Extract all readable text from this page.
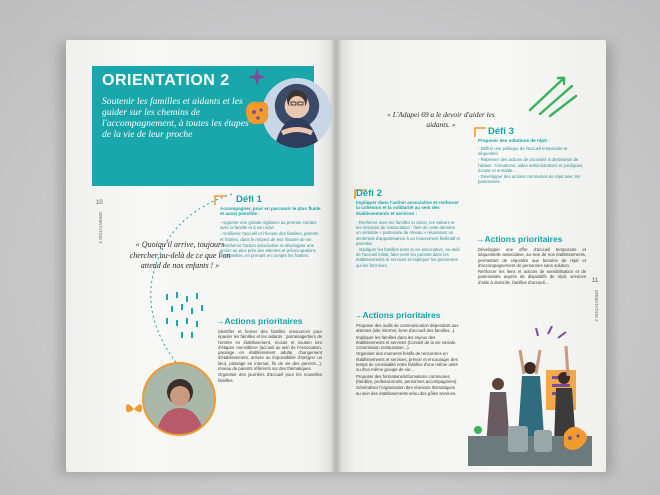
ORIENTATION 2
Soutenir les familles et aidants et les guider sur les chemins de l'accompagnement, à toutes les étapes de la vie de leur proche
10
ORIENTATION 2
« Quoiqu'il arrive, toujours chercher au-delà de ce que l'on attend de nos enfants ! »
Défi 1
Accompagner, pour en parcourir le plus fluide et aussi possible :
- Apporter une grande vigilance au premier contact avec la famille et à son suivi.
- Améliorer l'accueil et l'écoute des familles, parents et fratries, dans le respect de leur histoire de vie.
- Renforcer l'action associative et développer une action au plus près des attentes et préoccupations des familles, en prenant en compte les fratries.
→Actions prioritaires
Identifier et former des familles ressources pour épauler les familles et les aidants : parrainage/tiers de l'entrée en établissement, écoute et soutien lors d'étapes «sensibles» (accueil au sein de l'Association, passage en établissement adulte, changement d'établissement, arrivée ou impossibilité d'intégrer un lieu), passage en internat, fin de vie des parents...), réseau de parents référents sur des thématiques.
Organiser des journées d'accueil pour les nouvelles familles.
« L'Adapei 69 a le devoir d'aider les aidants. »
11
ORIENTATION 2
Défi 2
Impliquer dans l'action associative et renforcer la cohésion et la solidarité au sein des établissements et services :
- Renforcer avec les familles la vision, les valeurs et les missions de l'association : faire de cette dernière un véritable « partenaire de réseau » réunissant un sentiment d'appartenance à un mouvement fédératif et parental.
- Impliquer les familles dans la vie associative, au-delà de l'accueil initial, faire venir les parents dans les établissements et services et impliquer les personnes qui les font vivre.
→Actions prioritaires
Proposer des outils de communication dépendant aux attentes (site internet, livret d'accueil des familles...).
Impliquer les familles dans les enjeux des établissements et services (Conseil de la vie sociale, Commission restauration...).
Organiser des moments festifs de rencontres en établissements et services, prévoir et encourager des temps de convivialité entre familles d'une même unité ou d'un même groupe de vie...
Proposer des formations/informations communes (familles, professionnels, personnes accompagnées).
Généraliser l'organisation des réunions thématiques au sein des établissements et/ou des pôles services.
Défi 3
Proposer des solutions de répit :
- Définir une politique de l'accueil temporaire et séquentiel.
- Repenser des actions de proximité à destination de l'aidant : formations, aides administratives et juridiques, écoute et entraide...
- Développer des actions communes de répit avec les partenaires.
→Actions prioritaires
Développer une offre d'accueil temporaire et séquentielle associative, au sein de nos établissements, permettant de répondre aux besoins de répit et d'accompagnement de personnes sans solution.
Renforcer les liens et actions de sensibilisation et de partenariats auprès de dispositifs de répit, services d'aide à domicile, familles d'accueil...
